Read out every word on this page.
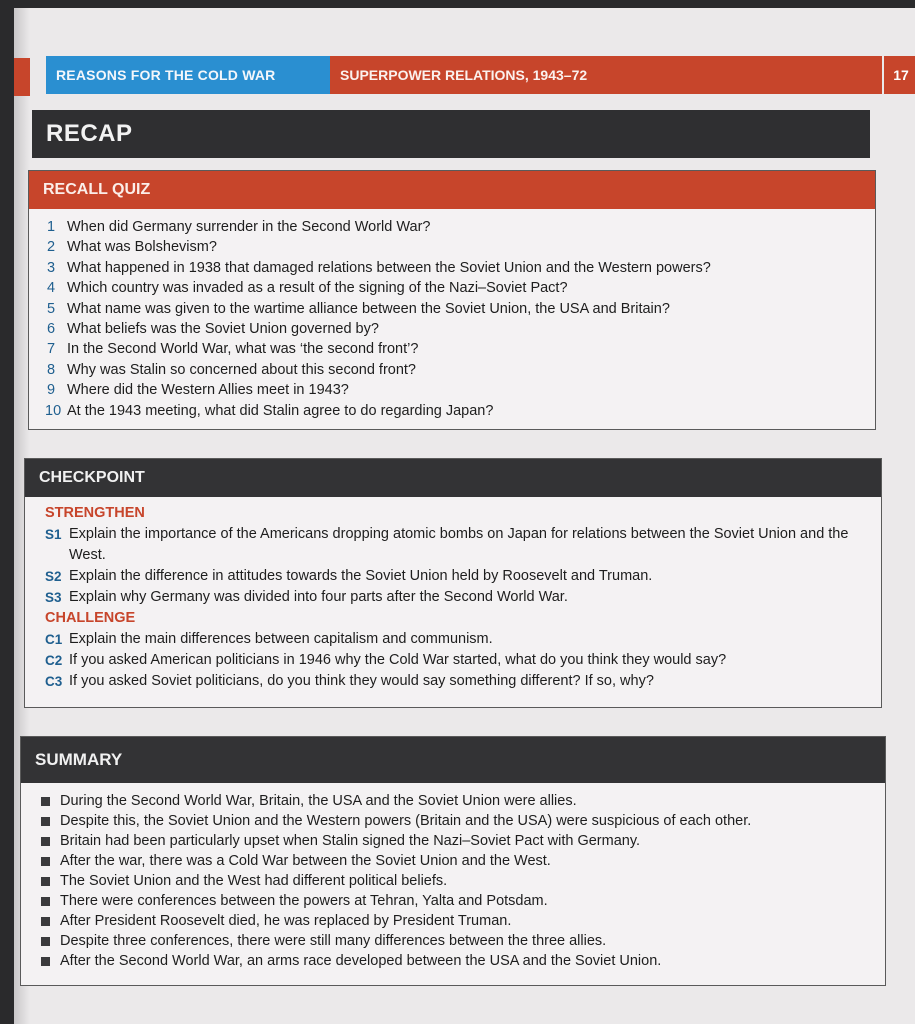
REASONS FOR THE COLD WAR	SUPERPOWER RELATIONS, 1943–72	17
RECAP
RECALL QUIZ
1 When did Germany surrender in the Second World War?
2 What was Bolshevism?
3 What happened in 1938 that damaged relations between the Soviet Union and the Western powers?
4 Which country was invaded as a result of the signing of the Nazi–Soviet Pact?
5 What name was given to the wartime alliance between the Soviet Union, the USA and Britain?
6 What beliefs was the Soviet Union governed by?
7 In the Second World War, what was ‘the second front’?
8 Why was Stalin so concerned about this second front?
9 Where did the Western Allies meet in 1943?
10 At the 1943 meeting, what did Stalin agree to do regarding Japan?
CHECKPOINT
STRENGTHEN
S1 Explain the importance of the Americans dropping atomic bombs on Japan for relations between the Soviet Union and the West.
S2 Explain the difference in attitudes towards the Soviet Union held by Roosevelt and Truman.
S3 Explain why Germany was divided into four parts after the Second World War.
CHALLENGE
C1 Explain the main differences between capitalism and communism.
C2 If you asked American politicians in 1946 why the Cold War started, what do you think they would say?
C3 If you asked Soviet politicians, do you think they would say something different? If so, why?
SUMMARY
During the Second World War, Britain, the USA and the Soviet Union were allies.
Despite this, the Soviet Union and the Western powers (Britain and the USA) were suspicious of each other.
Britain had been particularly upset when Stalin signed the Nazi–Soviet Pact with Germany.
After the war, there was a Cold War between the Soviet Union and the West.
The Soviet Union and the West had different political beliefs.
There were conferences between the powers at Tehran, Yalta and Potsdam.
After President Roosevelt died, he was replaced by President Truman.
Despite three conferences, there were still many differences between the three allies.
After the Second World War, an arms race developed between the USA and the Soviet Union.
